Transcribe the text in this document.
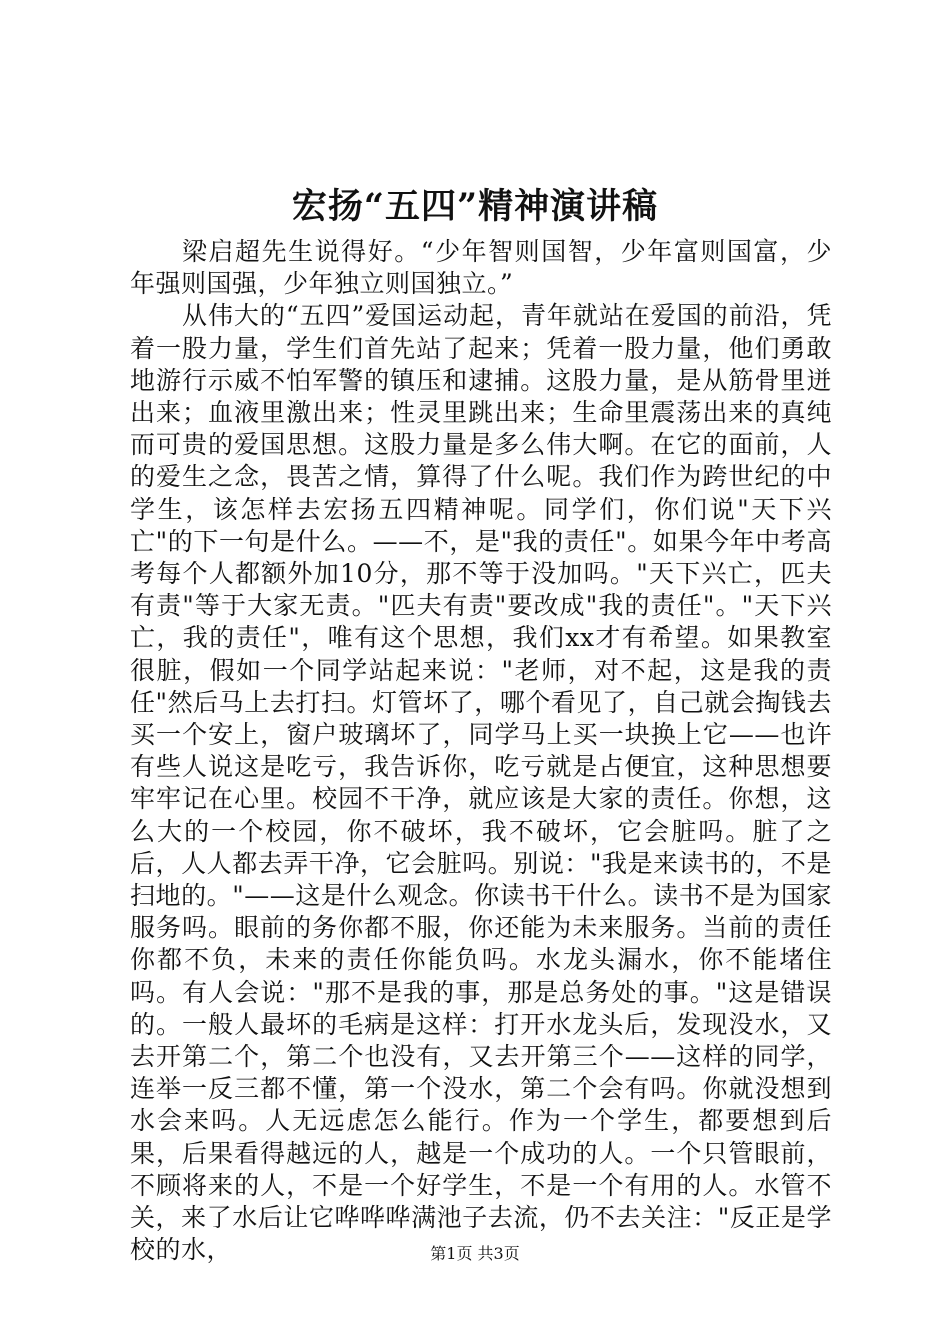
宏扬“五四”精神演讲稿

梁启超先生说得好。“少年智则国智，少年富则国富，少年强则国强，少年独立则国独立。”

从伟大的“五四”爱国运动起，青年就站在爱国的前沿，凭着一股力量，学生们首先站了起来；凭着一股力量，他们勇敢地游行示威不怕军警的镇压和逮捕。这股力量，是从筋骨里迸出来；血液里激出来；性灵里跳出来；生命里震荡出来的真纯而可贵的爱国思想。这股力量是多么伟大啊。在它的面前，人的爱生之念，畏苦之情，算得了什么呢。我们作为跨世纪的中学生，该怎样去宏扬五四精神呢。同学们，你们说"天下兴亡"的下一句是什么。——不，是"我的责任"。如果今年中考高考每个人都额外加10分，那不等于没加吗。"天下兴亡，匹夫有责"等于大家无责。"匹夫有责"要改成"我的责任"。"天下兴亡，我的责任"，唯有这个思想，我们xx才有希望。如果教室很脏，假如一个同学站起来说："老师，对不起，这是我的责任"然后马上去打扫。灯管坏了，哪个看见了，自己就会掏钱去买一个安上，窗户玻璃坏了，同学马上买一块换上它——也许有些人说这是吃亏，我告诉你，吃亏就是占便宜，这种思想要牢牢记在心里。校园不干净，就应该是大家的责任。你想，这么大的一个校园，你不破坏，我不破坏，它会脏吗。脏了之后，人人都去弄干净，它会脏吗。别说："我是来读书的，不是扫地的。"——这是什么观念。你读书干什么。读书不是为国家服务吗。眼前的务你都不服，你还能为未来服务。当前的责任你都不负，未来的责任你能负吗。水龙头漏水，你不能堵住吗。有人会说："那不是我的事，那是总务处的事。"这是错误的。一般人最坏的毛病是这样：打开水龙头后，发现没水，又去开第二个，第二个也没有，又去开第三个——这样的同学，连举一反三都不懂，第一个没水，第二个会有吗。你就没想到水会来吗。人无远虑怎么能行。作为一个学生，都要想到后果，后果看得越远的人，越是一个成功的人。一个只管眼前，不顾将来的人，不是一个好学生，不是一个有用的人。水管不关，来了水后让它哗哗哗满池子去流，仍不去关注："反正是学校的水，	第1页 共3页
